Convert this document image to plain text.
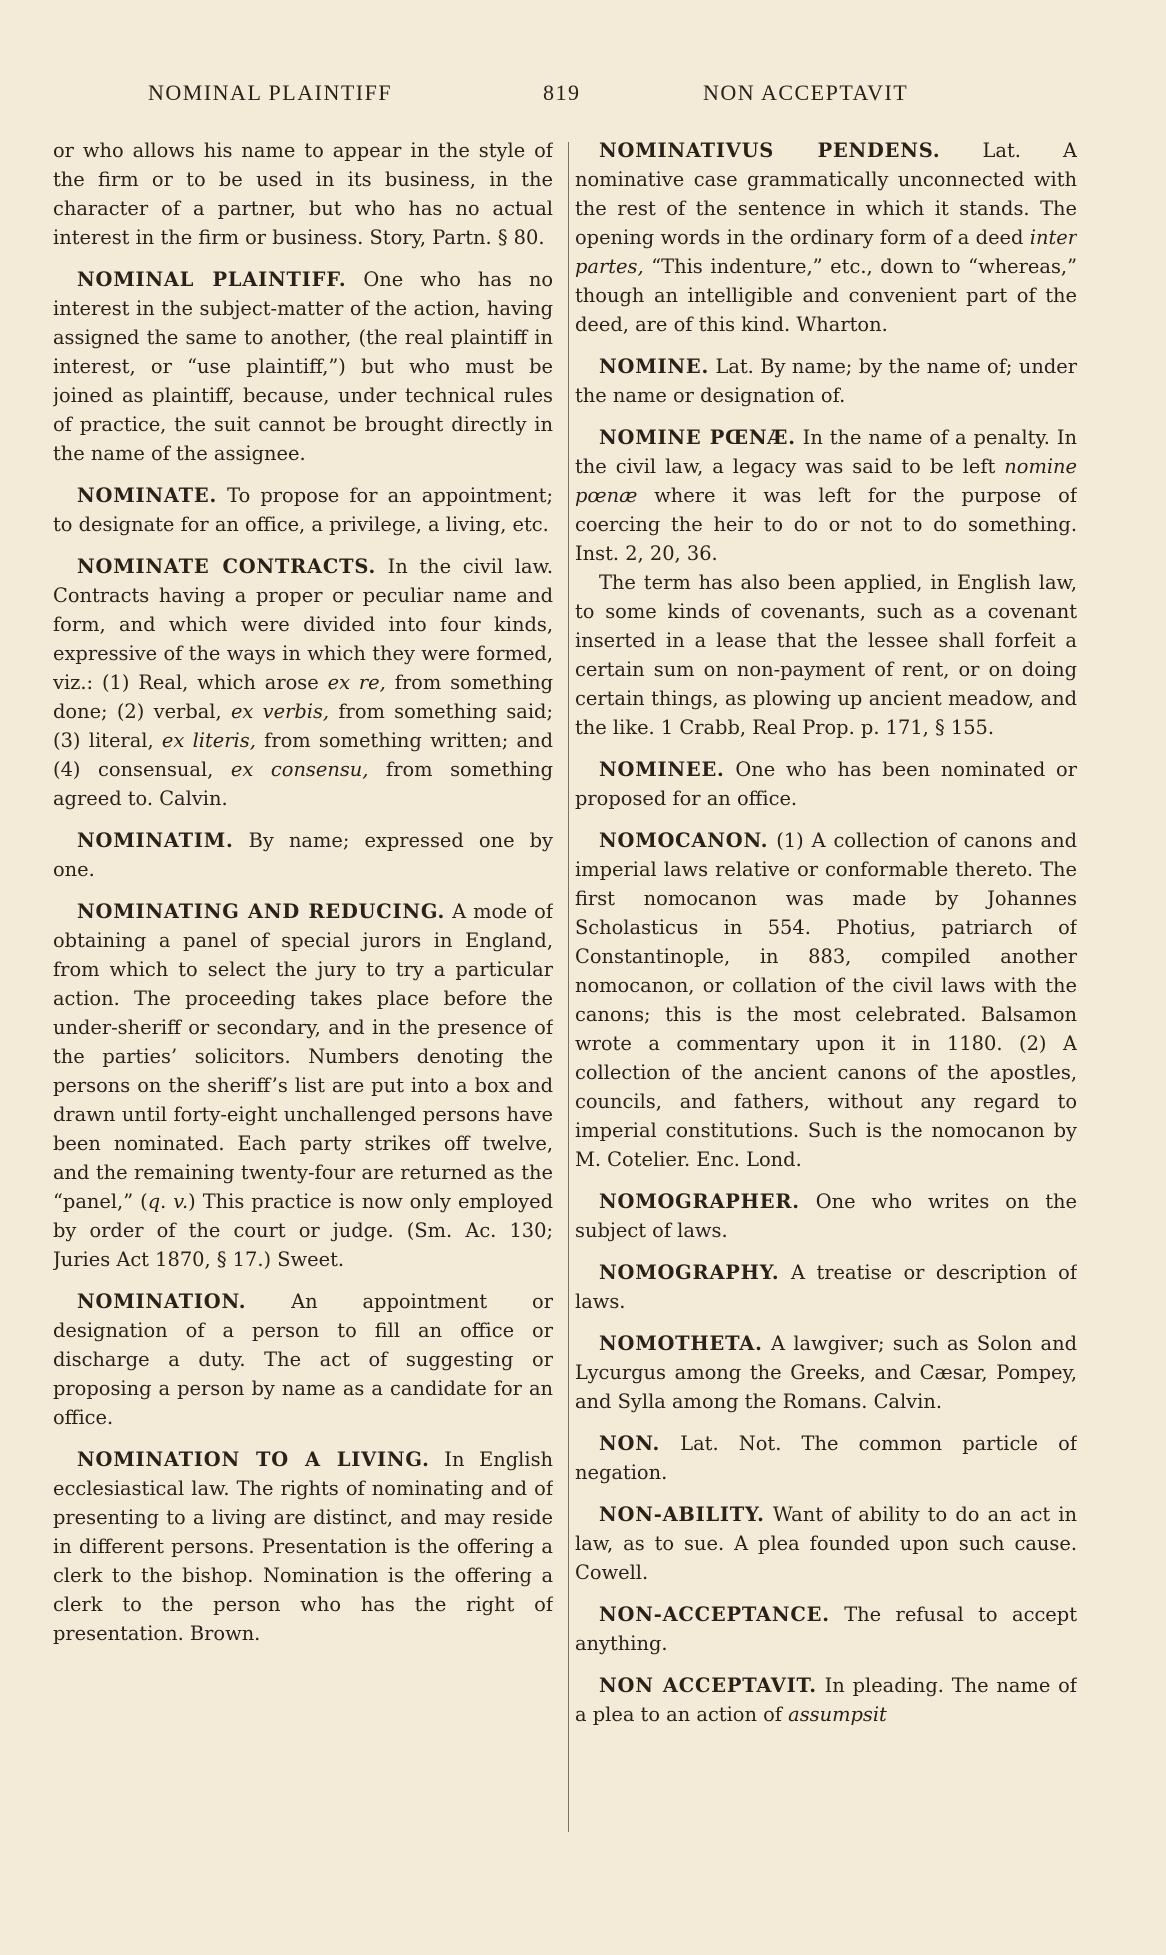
NOMINAL PLAINTIFF	819	NON ACCEPTAVIT

or who allows his name to appear in the style of the firm or to be used in its business, in the character of a partner, but who has no actual interest in the firm or business. Story, Partn. § 80.

NOMINAL PLAINTIFF. One who has no interest in the subject-matter of the action, having assigned the same to another, (the real plaintiff in interest, or “use plaintiff,”) but who must be joined as plaintiff, because, under technical rules of practice, the suit cannot be brought directly in the name of the assignee.

NOMINATE. To propose for an appointment; to designate for an office, a privilege, a living, etc.

NOMINATE CONTRACTS. In the civil law. Contracts having a proper or peculiar name and form, and which were divided into four kinds, expressive of the ways in which they were formed, viz.: (1) Real, which arose ex re, from something done; (2) verbal, ex verbis, from something said; (3) literal, ex literis, from something written; and (4) consensual, ex consensu, from something agreed to. Calvin.

NOMINATIM. By name; expressed one by one.

NOMINATING AND REDUCING. A mode of obtaining a panel of special jurors in England, from which to select the jury to try a particular action. The proceeding takes place before the under-sheriff or secondary, and in the presence of the parties’ solicitors. Numbers denoting the persons on the sheriff’s list are put into a box and drawn until forty-eight unchallenged persons have been nominated. Each party strikes off twelve, and the remaining twenty-four are returned as the “panel,” (q. v.) This practice is now only employed by order of the court or judge. (Sm. Ac. 130; Juries Act 1870, § 17.) Sweet.

NOMINATION. An appointment or designation of a person to fill an office or discharge a duty. The act of suggesting or proposing a person by name as a candidate for an office.

NOMINATION TO A LIVING. In English ecclesiastical law. The rights of nominating and of presenting to a living are distinct, and may reside in different persons. Presentation is the offering a clerk to the bishop. Nomination is the offering a clerk to the person who has the right of presentation. Brown.

NOMINATIVUS PENDENS. Lat. A nominative case grammatically unconnected with the rest of the sentence in which it stands. The opening words in the ordinary form of a deed inter partes, “This indenture,” etc., down to “whereas,” though an intelligible and convenient part of the deed, are of this kind. Wharton.

NOMINE. Lat. By name; by the name of; under the name or designation of.

NOMINE PŒNÆ. In the name of a penalty. In the civil law, a legacy was said to be left nomine pœnæ where it was left for the purpose of coercing the heir to do or not to do something. Inst. 2, 20, 36.

The term has also been applied, in English law, to some kinds of covenants, such as a covenant inserted in a lease that the lessee shall forfeit a certain sum on non-payment of rent, or on doing certain things, as plowing up ancient meadow, and the like. 1 Crabb, Real Prop. p. 171, § 155.

NOMINEE. One who has been nominated or proposed for an office.

NOMOCANON. (1) A collection of canons and imperial laws relative or conformable thereto. The first nomocanon was made by Johannes Scholasticus in 554. Photius, patriarch of Constantinople, in 883, compiled another nomocanon, or collation of the civil laws with the canons; this is the most celebrated. Balsamon wrote a commentary upon it in 1180. (2) A collection of the ancient canons of the apostles, councils, and fathers, without any regard to imperial constitutions. Such is the nomocanon by M. Cotelier. Enc. Lond.

NOMOGRAPHER. One who writes on the subject of laws.

NOMOGRAPHY. A treatise or description of laws.

NOMOTHETA. A lawgiver; such as Solon and Lycurgus among the Greeks, and Cæsar, Pompey, and Sylla among the Romans. Calvin.

NON. Lat. Not. The common particle of negation.

NON-ABILITY. Want of ability to do an act in law, as to sue. A plea founded upon such cause. Cowell.

NON-ACCEPTANCE. The refusal to accept anything.

NON ACCEPTAVIT. In pleading. The name of a plea to an action of assumpsit
